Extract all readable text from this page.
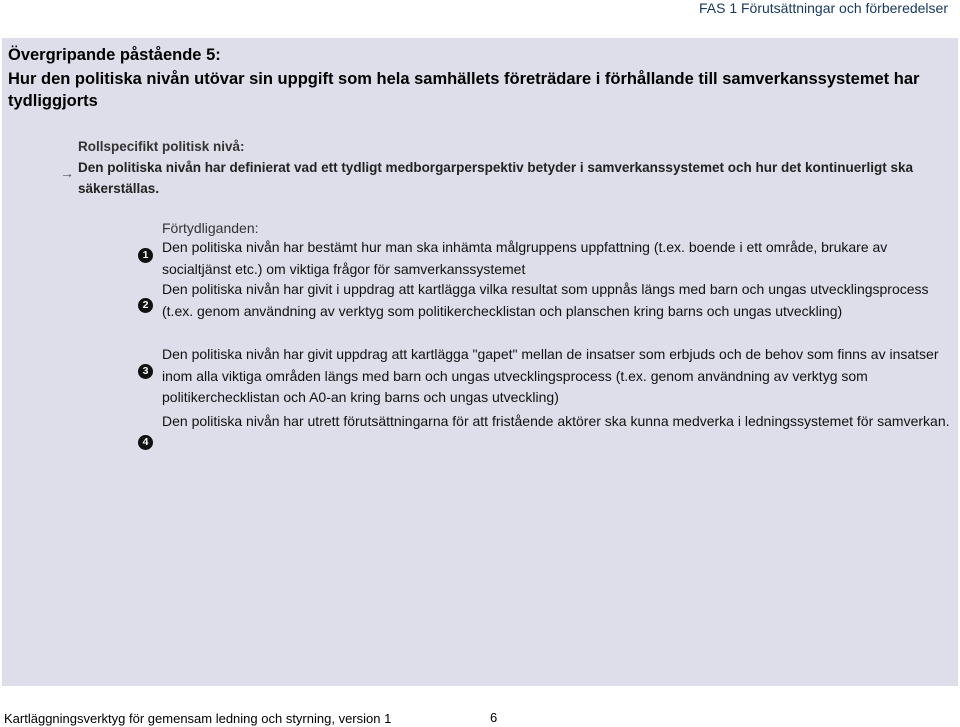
FAS 1 Förutsättningar och förberedelser
Övergripande påstående 5:
Hur den politiska nivån utövar sin uppgift som hela samhällets företrädare i förhållande till samverkanssystemet har tydliggjorts
→
Rollspecifikt politisk nivå:
Den politiska nivån har definierat vad ett tydligt medborgarperspektiv betyder i samverkanssystemet och hur det kontinuerligt ska säkerställas.
Förtydliganden:
1 Den politiska nivån har bestämt hur man ska inhämta målgruppens uppfattning (t.ex. boende i ett område, brukare av socialtjänst etc.) om viktiga frågor för samverkanssystemet
2
Den politiska nivån har givit i uppdrag att kartlägga vilka resultat som uppnås längs med barn och ungas utvecklingsprocess (t.ex. genom användning av verktyg som politikerchecklistan och planschen kring barns och ungas utveckling)
3
Den politiska nivån har givit uppdrag att kartlägga "gapet" mellan de insatser som erbjuds och de behov som finns av insatser inom alla viktiga områden längs med barn och ungas utvecklingsprocess (t.ex. genom användning av verktyg som politikerchecklistan och A0-an kring barns och ungas utveckling)
4
Den politiska nivån har utrett förutsättningarna för att fristående aktörer ska kunna medverka i ledningssystemet för samverkan.
Kartläggningsverktyg för gemensam ledning och styrning, version 1	6
